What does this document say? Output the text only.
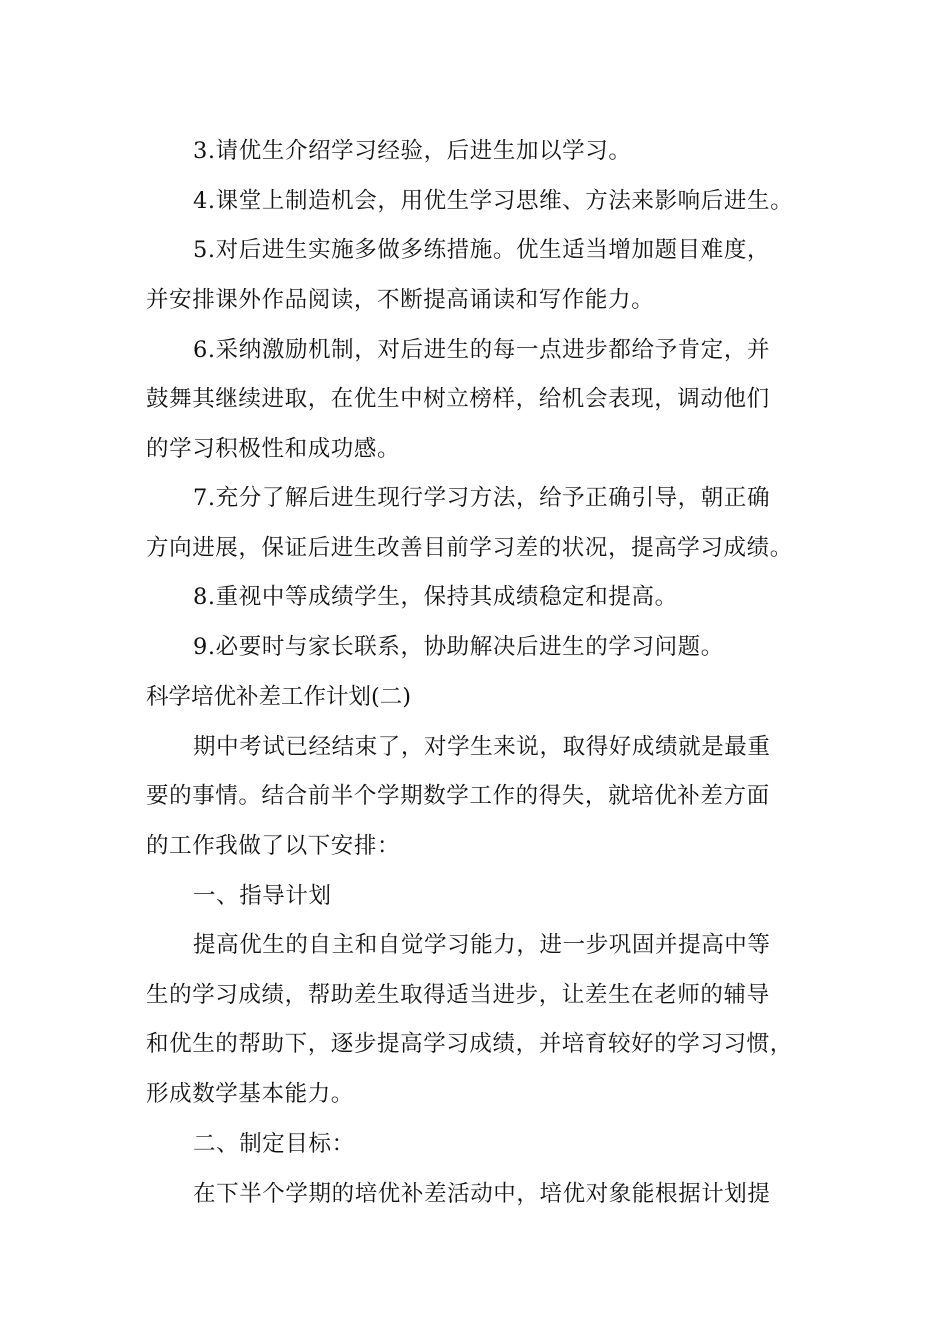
3.请优生介绍学习经验，后进生加以学习。
4.课堂上制造机会，用优生学习思维、方法来影响后进生。
5.对后进生实施多做多练措施。优生适当增加题目难度，
并安排课外作品阅读，不断提高诵读和写作能力。
6.采纳激励机制，对后进生的每一点进步都给予肯定，并
鼓舞其继续进取，在优生中树立榜样，给机会表现，调动他们
的学习积极性和成功感。
7.充分了解后进生现行学习方法，给予正确引导，朝正确
方向进展，保证后进生改善目前学习差的状况，提高学习成绩。
8.重视中等成绩学生，保持其成绩稳定和提高。
9.必要时与家长联系，协助解决后进生的学习问题。
科学培优补差工作计划(二)
期中考试已经结束了，对学生来说，取得好成绩就是最重
要的事情。结合前半个学期数学工作的得失，就培优补差方面
的工作我做了以下安排：
一、指导计划
提高优生的自主和自觉学习能力，进一步巩固并提高中等
生的学习成绩，帮助差生取得适当进步，让差生在老师的辅导
和优生的帮助下，逐步提高学习成绩，并培育较好的学习习惯，
形成数学基本能力。
二、制定目标：
在下半个学期的培优补差活动中，培优对象能根据计划提
